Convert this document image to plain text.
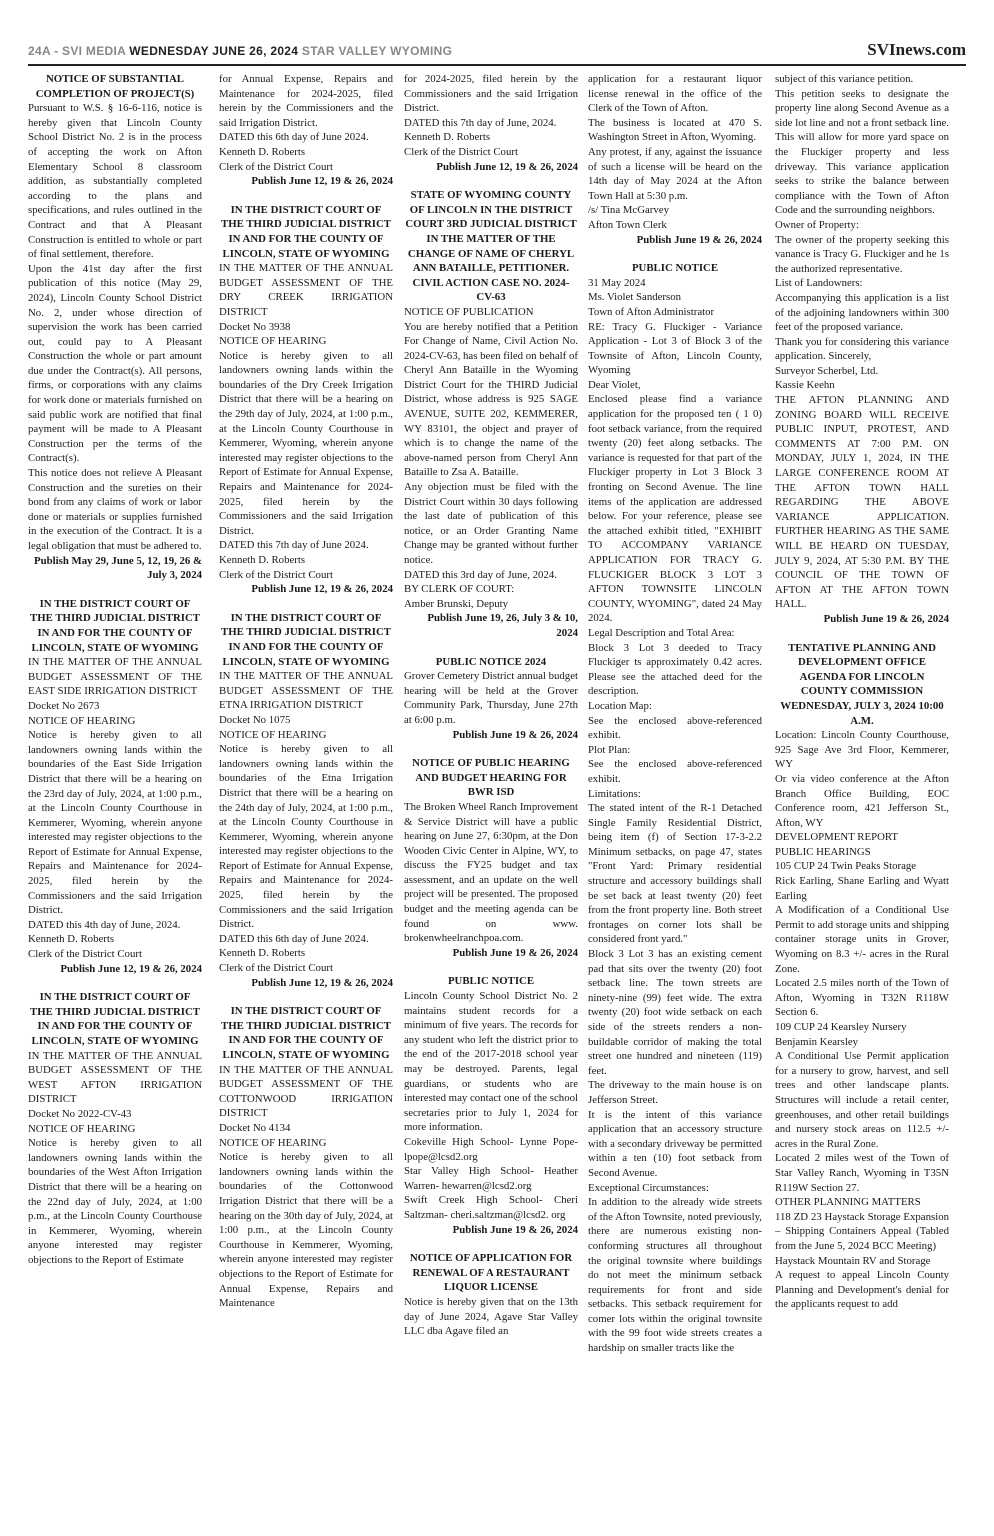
24A - SVI MEDIA WEDNESDAY JUNE 26, 2024 STAR VALLEY WYOMING	SVInews.com

NOTICE OF SUBSTANTIAL COMPLETION OF PROJECT(S)

Pursuant to W.S. § 16-6-116, notice is hereby given that Lincoln County School District No. 2 is in the process of accepting the work on Afton Elementary School 8 classroom addition, as substantially completed according to the plans and specifications, and rules outlined in the Contract and that A Pleasant Construction is entitled to whole or part of final settlement, therefore.

Upon the 41st day after the first publication of this notice (May 29, 2024), Lincoln County School District No. 2, under whose direction of supervision the work has been carried out, could pay to A Pleasant Construction the whole or part amount due under the Contract(s). All persons, firms, or corporations with any claims for work done or materials furnished on said public work are notified that final payment will be made to A Pleasant Construction per the terms of the Contract(s).

This notice does not relieve A Pleasant Construction and the sureties on their bond from any claims of work or labor done or materials or supplies furnished in the execution of the Contract. It is a legal obligation that must be adhered to.

Publish May 29, June 5, 12, 19, 26 & July 3, 2024

IN THE DISTRICT COURT OF THE THIRD JUDICIAL DISTRICT IN AND FOR THE COUNTY OF LINCOLN, STATE OF WYOMING

IN THE MATTER OF THE ANNUAL BUDGET ASSESSMENT OF THE EAST SIDE IRRIGATION DISTRICT

Docket No 2673

NOTICE OF HEARING

Notice is hereby given to all landowners owning lands within the boundaries of the East Side Irrigation District that there will be a hearing on the 23rd day of July, 2024, at 1:00 p.m., at the Lincoln County Courthouse in Kemmerer, Wyoming, wherein anyone interested may register objections to the Report of Estimate for Annual Expense, Repairs and Maintenance for 2024-2025, filed herein by the Commissioners and the said Irrigation District.

DATED this 4th day of June, 2024.

Kenneth D. Roberts

Clerk of the District Court

Publish June 12, 19 & 26, 2024

IN THE DISTRICT COURT OF THE THIRD JUDICIAL DISTRICT IN AND FOR THE COUNTY OF LINCOLN, STATE OF WYOMING

IN THE MATTER OF THE ANNUAL BUDGET ASSESSMENT OF THE WEST AFTON IRRIGATION DISTRICT

Docket No 2022-CV-43

NOTICE OF HEARING

Notice is hereby given to all landowners owning lands within the boundaries of the West Afton Irrigation District that there will be a hearing on the 22nd day of July, 2024, at 1:00 p.m., at the Lincoln County Courthouse in Kemmerer, Wyoming, wherein anyone interested may register objections to the Report of Estimate

for Annual Expense, Repairs and Maintenance for 2024-2025, filed herein by the Commissioners and the said Irrigation District.

DATED this 6th day of June 2024.

Kenneth D. Roberts

Clerk of the District Court

Publish June 12, 19 & 26, 2024

IN THE DISTRICT COURT OF THE THIRD JUDICIAL DISTRICT IN AND FOR THE COUNTY OF LINCOLN, STATE OF WYOMING

IN THE MATTER OF THE ANNUAL BUDGET ASSESSMENT OF THE DRY CREEK IRRIGATION DISTRICT

Docket No 3938

NOTICE OF HEARING

Notice is hereby given to all landowners owning lands within the boundaries of the Dry Creek Irrigation District that there will be a hearing on the 29th day of July, 2024, at 1:00 p.m., at the Lincoln County Courthouse in Kemmerer, Wyoming, wherein anyone interested may register objections to the Report of Estimate for Annual Expense, Repairs and Maintenance for 2024-2025, filed herein by the Commissioners and the said Irrigation District.

DATED this 7th day of June 2024.

Kenneth D. Roberts

Clerk of the District Court

Publish June 12, 19 & 26, 2024

IN THE DISTRICT COURT OF THE THIRD JUDICIAL DISTRICT IN AND FOR THE COUNTY OF LINCOLN, STATE OF WYOMING

IN THE MATTER OF THE ANNUAL BUDGET ASSESSMENT OF THE ETNA IRRIGATION DISTRICT

Docket No 1075

NOTICE OF HEARING

Notice is hereby given to all landowners owning lands within the boundaries of the Etna Irrigation District that there will be a hearing on the 24th day of July, 2024, at 1:00 p.m., at the Lincoln County Courthouse in Kemmerer, Wyoming, wherein anyone interested may register objections to the Report of Estimate for Annual Expense, Repairs and Maintenance for 2024-2025, filed herein by the Commissioners and the said Irrigation District.

DATED this 6th day of June 2024.

Kenneth D. Roberts

Clerk of the District Court

Publish June 12, 19 & 26, 2024

IN THE DISTRICT COURT OF THE THIRD JUDICIAL DISTRICT IN AND FOR THE COUNTY OF LINCOLN, STATE OF WYOMING

IN THE MATTER OF THE ANNUAL BUDGET ASSESSMENT OF THE COTTONWOOD IRRIGATION DISTRICT

Docket No 4134

NOTICE OF HEARING

Notice is hereby given to all landowners owning lands within the boundaries of the Cottonwood Irrigation District that there will be a hearing on the 30th day of July, 2024, at 1:00 p.m., at the Lincoln County Courthouse in Kemmerer, Wyoming, wherein anyone interested may register objections to the Report of Estimate for Annual Expense, Repairs and Maintenance

for 2024-2025, filed herein by the Commissioners and the said Irrigation District.

DATED this 7th day of June, 2024.

Kenneth D. Roberts

Clerk of the District Court

Publish June 12, 19 & 26, 2024

STATE OF WYOMING COUNTY OF LINCOLN IN THE DISTRICT COURT 3RD JUDICIAL DISTRICT IN THE MATTER OF THE CHANGE OF NAME OF CHERYL ANN BATAILLE, PETITIONER. CIVIL ACTION CASE NO. 2024-CV-63

NOTICE OF PUBLICATION

You are hereby notified that a Petition For Change of Name, Civil Action No. 2024-CV-63, has been filed on behalf of Cheryl Ann Bataille in the Wyoming District Court for the THIRD Judicial District, whose address is 925 SAGE AVENUE, SUITE 202, KEMMERER, WY 83101, the object and prayer of which is to change the name of the above-named person from Cheryl Ann Bataille to Zsa A. Bataille.

Any objection must be filed with the District Court within 30 days following the last date of publication of this notice, or an Order Granting Name Change may be granted without further notice.

DATED this 3rd day of June, 2024.

BY CLERK OF COURT:

Amber Brunski, Deputy

Publish June 19, 26, July 3 & 10, 2024

PUBLIC NOTICE 2024

Grover Cemetery District annual budget hearing will be held at the Grover Community Park, Thursday, June 27th at 6:00 p.m.

Publish June 19 & 26, 2024

NOTICE OF PUBLIC HEARING AND BUDGET HEARING FOR BWR ISD

The Broken Wheel Ranch Improvement & Service District will have a public hearing on June 27, 6:30pm, at the Don Wooden Civic Center in Alpine, WY, to discuss the FY25 budget and tax assessment, and an update on the well project will be presented. The proposed budget and the meeting agenda can be found on www. brokenwheelranchpoa.com.

Publish June 19 & 26, 2024

PUBLIC NOTICE

Lincoln County School District No. 2 maintains student records for a minimum of five years. The records for any student who left the district prior to the end of the 2017-2018 school year may be destroyed. Parents, legal guardians, or students who are interested may contact one of the school secretaries prior to July 1, 2024 for more information.

Cokeville High School- Lynne Pope- lpope@lcsd2.org

Star Valley High School- Heather Warren- hewarren@lcsd2.org

Swift Creek High School- Cheri Saltzman- cheri.saltzman@lcsd2. org

Publish June 19 & 26, 2024

NOTICE OF APPLICATION FOR RENEWAL OF A RESTAURANT LIQUOR LICENSE

Notice is hereby given that on the 13th day of June 2024, Agave Star Valley LLC dba Agave filed an

application for a restaurant liquor license renewal in the office of the Clerk of the Town of Afton.

The business is located at 470 S. Washington Street in Afton, Wyoming.

Any protest, if any, against the issuance of such a license will be heard on the 14th day of May 2024 at the Afton Town Hall at 5:30 p.m.

/s/ Tina McGarvey

Afton Town Clerk

Publish June 19 & 26, 2024

PUBLIC NOTICE

31 May 2024

Ms. Violet Sanderson

Town of Afton Administrator

RE: Tracy G. Fluckiger - Variance Application - Lot 3 of Block 3 of the Townsite of Afton, Lincoln County, Wyoming

Dear Violet,

Enclosed please find a variance application for the proposed ten ( 1 0) foot setback variance, from the required twenty (20) feet along setbacks. The variance is requested for that part of the Fluckiger property in Lot 3 Block 3 fronting on Second Avenue. The line items of the application are addressed below. For your reference, please see the attached exhibit titled, "EXHIBIT TO ACCOMPANY VARIANCE APPLICATION FOR TRACY G. FLUCKIGER BLOCK 3 LOT 3 AFTON TOWNSITE LINCOLN COUNTY, WYOMING", dated 24 May 2024.

Legal Description and Total Area:

Block 3 Lot 3 deeded to Tracy Fluckiger ts approximately 0.42 acres. Please see the attached deed for the description.

Location Map:

See the enclosed above-referenced exhibit.

Plot Plan:

See the enclosed above-referenced exhibit.

Limitations:

The stated intent of the R-1 Detached Single Family Residential District, being item (f) of Section 17-3-2.2 Minimum setbacks, on page 47, states "Front Yard: Primary residential structure and accessory buildings shall be set back at least twenty (20) feet from the front property line. Both street frontages on corner lots shall be considered front yard."

Block 3 Lot 3 has an existing cement pad that sits over the twenty (20) foot setback line. The town streets are ninety-nine (99) feet wide. The extra twenty (20) foot wide setback on each side of the streets renders a non-buildable corridor of making the total street one hundred and nineteen (119) feet.

The driveway to the main house is on Jefferson Street.

It is the intent of this variance application that an accessory structure with a secondary driveway be permitted within a ten (10) foot setback from Second Avenue.

Exceptional Circumstances:

In addition to the already wide streets of the Afton Townsite, noted previously, there are numerous existing non-conforming structures all throughout the original townsite where buildings do not meet the minimum setback requirements for front and side setbacks. This setback requirement for comer lots within the original townsite with the 99 foot wide streets creates a hardship on smaller tracts like the

subject of this variance petition.

This petition seeks to designate the property line along Second Avenue as a side lot line and not a front setback line. This will allow for more yard space on the Fluckiger property and less driveway. This variance application seeks to strike the balance between compliance with the Town of Afton Code and the surrounding neighbors.

Owner of Property:

The owner of the property seeking this vanance is Tracy G. Fluckiger and he 1s the authorized representative.

List of Landowners:

Accompanying this application is a list of the adjoining landowners within 300 feet of the proposed variance.

Thank you for considering this variance application. Sincerely,

Surveyor Scherbel, Ltd.

Kassie Keehn

THE AFTON PLANNING AND ZONING BOARD WILL RECEIVE PUBLIC INPUT, PROTEST, AND COMMENTS AT 7:00 P.M. ON MONDAY, JULY 1, 2024, IN THE LARGE CONFERENCE ROOM AT THE AFTON TOWN HALL REGARDING THE ABOVE VARIANCE APPLICATION. FURTHER HEARING AS THE SAME WILL BE HEARD ON TUESDAY, JULY 9, 2024, AT 5:30 P.M. BY THE COUNCIL OF THE TOWN OF AFTON AT THE AFTON TOWN HALL.

Publish June 19 & 26, 2024

TENTATIVE PLANNING AND DEVELOPMENT OFFICE AGENDA FOR LINCOLN COUNTY COMMISSION WEDNESDAY, JULY 3, 2024 10:00 A.M.

Location: Lincoln County Courthouse, 925 Sage Ave 3rd Floor, Kemmerer, WY

Or via video conference at the Afton Branch Office Building, EOC Conference room, 421 Jefferson St., Afton, WY

DEVELOPMENT REPORT

PUBLIC HEARINGS

105 CUP 24 Twin Peaks Storage

Rick Earling, Shane Earling and Wyatt Earling

A Modification of a Conditional Use Permit to add storage units and shipping container storage units in Grover, Wyoming on 8.3 +/- acres in the Rural Zone.

Located 2.5 miles north of the Town of Afton, Wyoming in T32N R118W Section 6.

109 CUP 24 Kearsley Nursery

Benjamin Kearsley

A Conditional Use Permit application for a nursery to grow, harvest, and sell trees and other landscape plants. Structures will include a retail center, greenhouses, and other retail buildings and nursery stock areas on 112.5 +/- acres in the Rural Zone.

Located 2 miles west of the Town of Star Valley Ranch, Wyoming in T35N R119W Section 27.

OTHER PLANNING MATTERS

118 ZD 23 Haystack Storage Expansion – Shipping Containers Appeal (Tabled from the June 5, 2024 BCC Meeting)

Haystack Mountain RV and Storage

A request to appeal Lincoln County Planning and Development's denial for the applicants request to add
